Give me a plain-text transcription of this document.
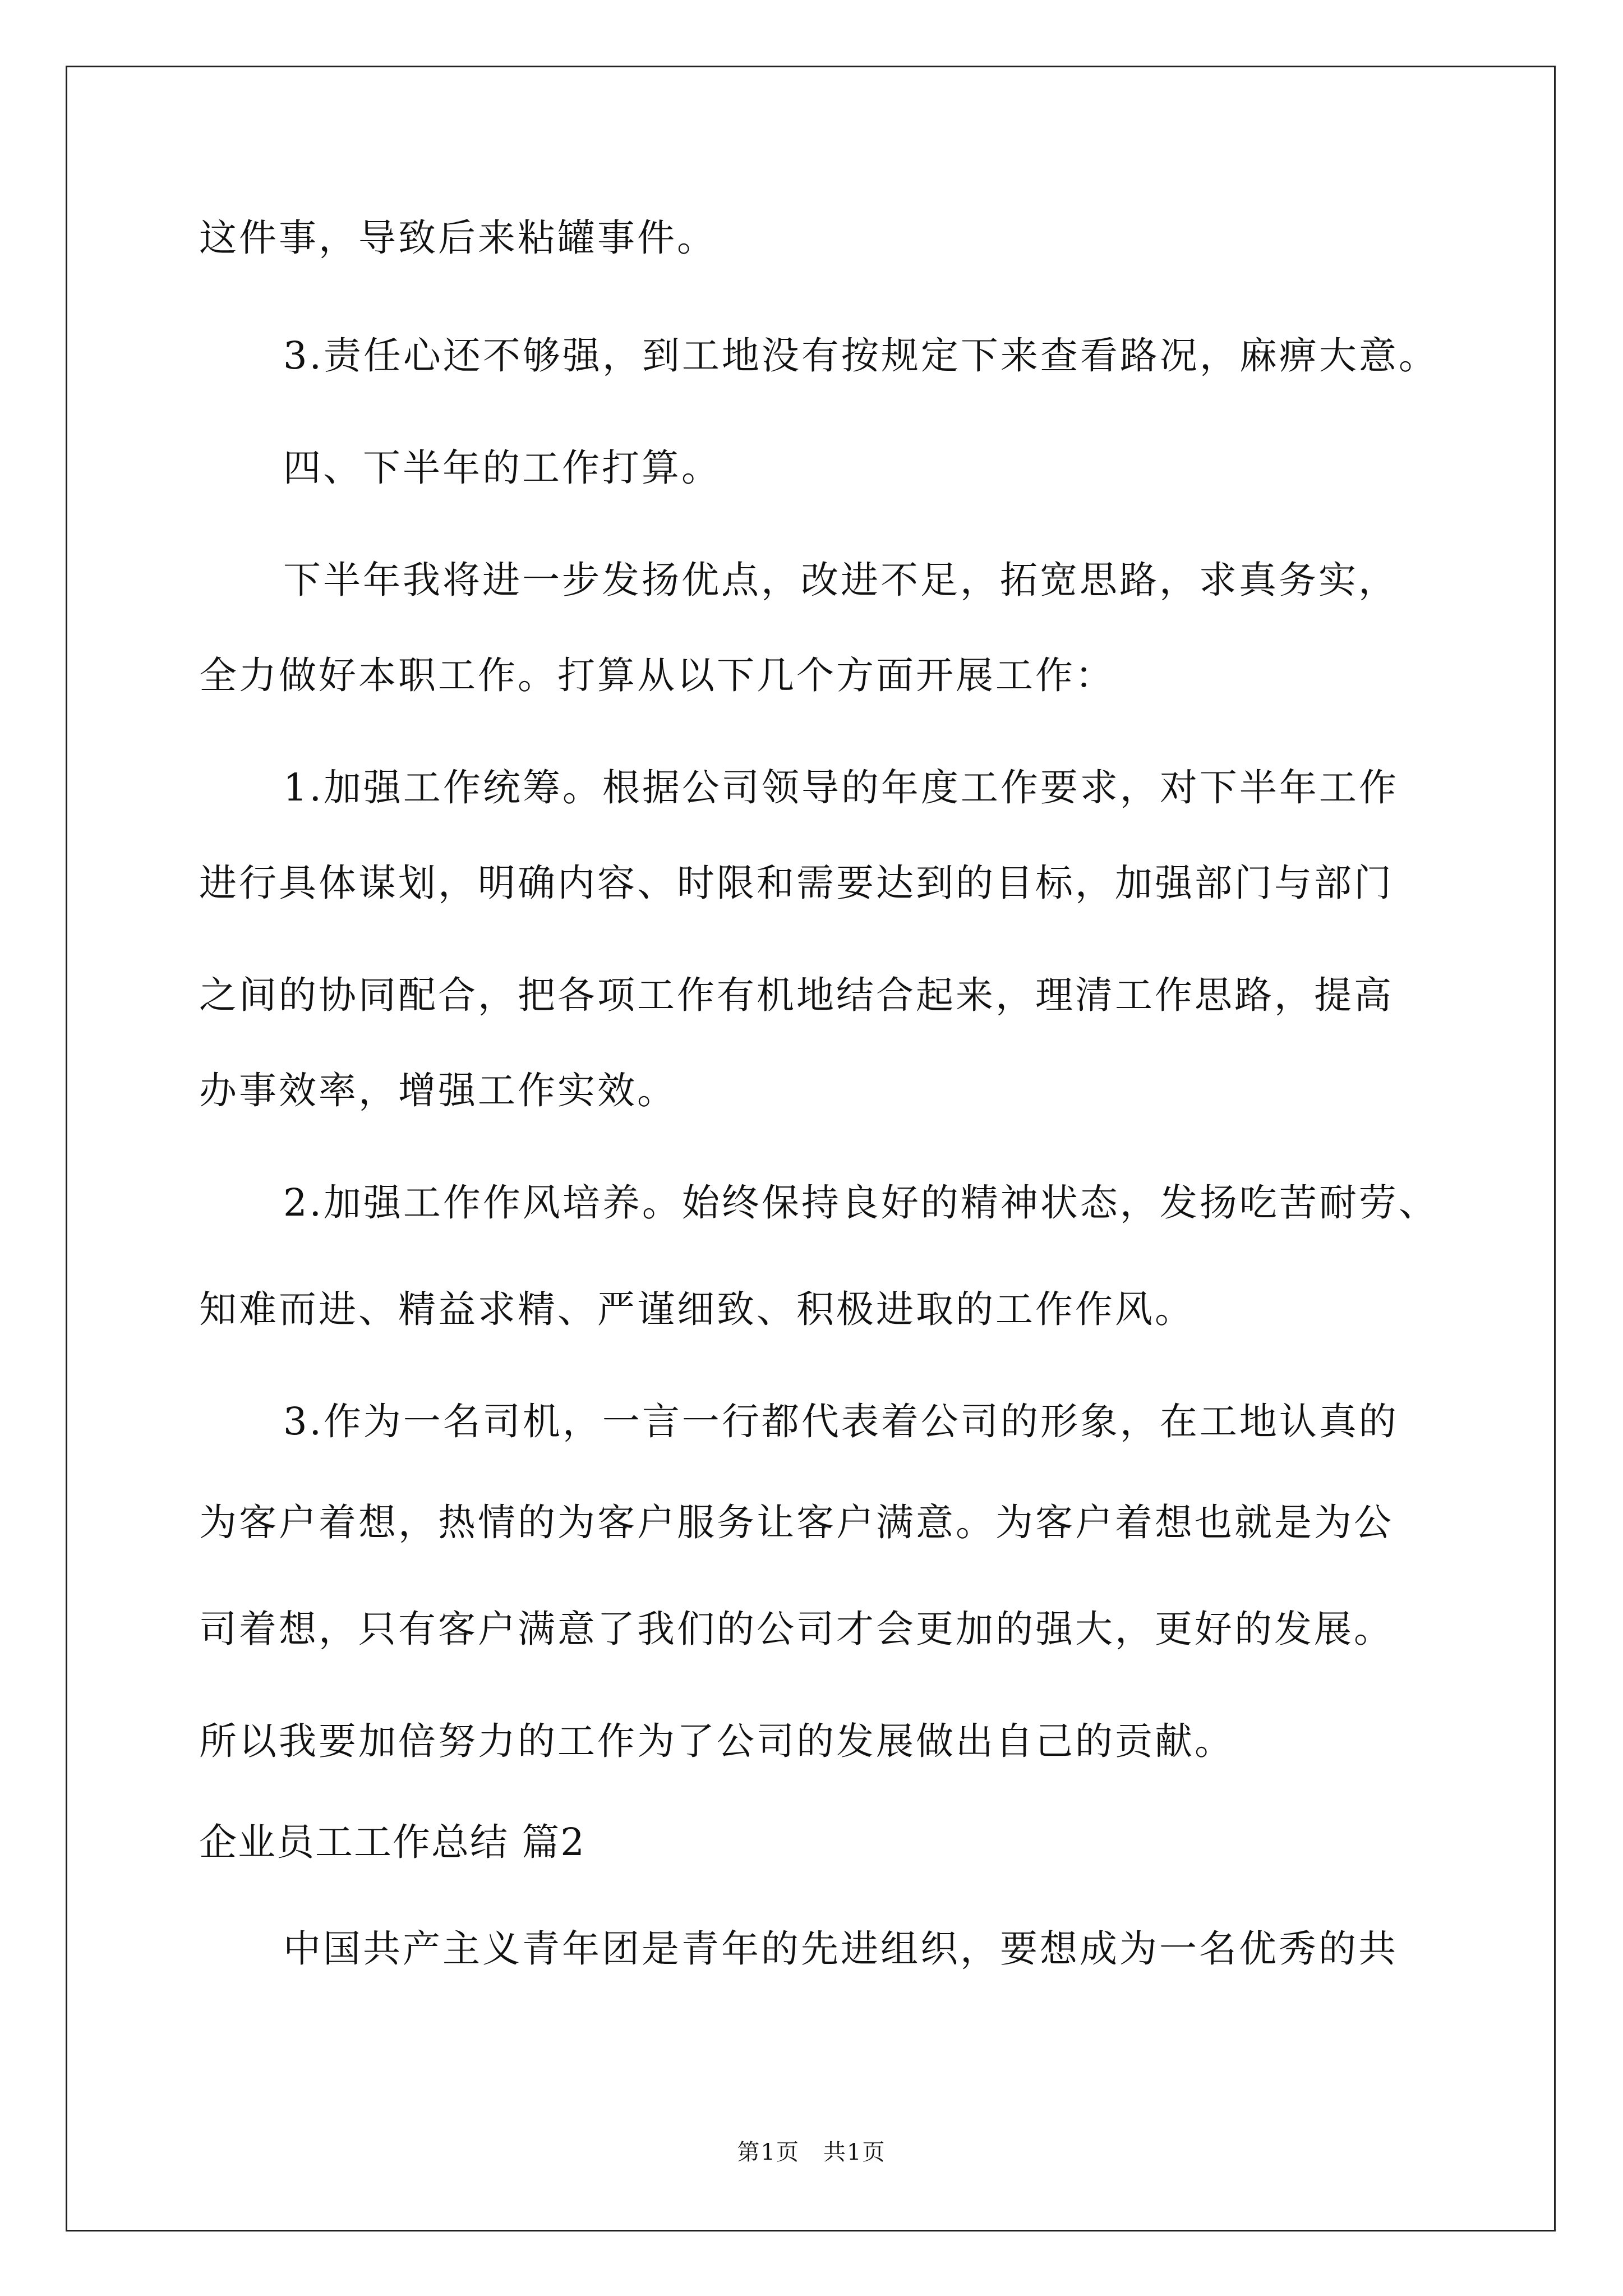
这件事，导致后来粘罐事件。
3.责任心还不够强，到工地没有按规定下来查看路况，麻痹大意。
四、下半年的工作打算。
下半年我将进一步发扬优点，改进不足，拓宽思路，求真务实，
全力做好本职工作。打算从以下几个方面开展工作：
1.加强工作统筹。根据公司领导的年度工作要求，对下半年工作
进行具体谋划，明确内容、时限和需要达到的目标，加强部门与部门
之间的协同配合，把各项工作有机地结合起来，理清工作思路，提高
办事效率，增强工作实效。
2.加强工作作风培养。始终保持良好的精神状态，发扬吃苦耐劳、
知难而进、精益求精、严谨细致、积极进取的工作作风。
3.作为一名司机，一言一行都代表着公司的形象，在工地认真的
为客户着想，热情的为客户服务让客户满意。为客户着想也就是为公
司着想，只有客户满意了我们的公司才会更加的强大，更好的发展。
所以我要加倍努力的工作为了公司的发展做出自己的贡献。
企业员工工作总结 篇2
中国共产主义青年团是青年的先进组织，要想成为一名优秀的共
第1页　共1页
